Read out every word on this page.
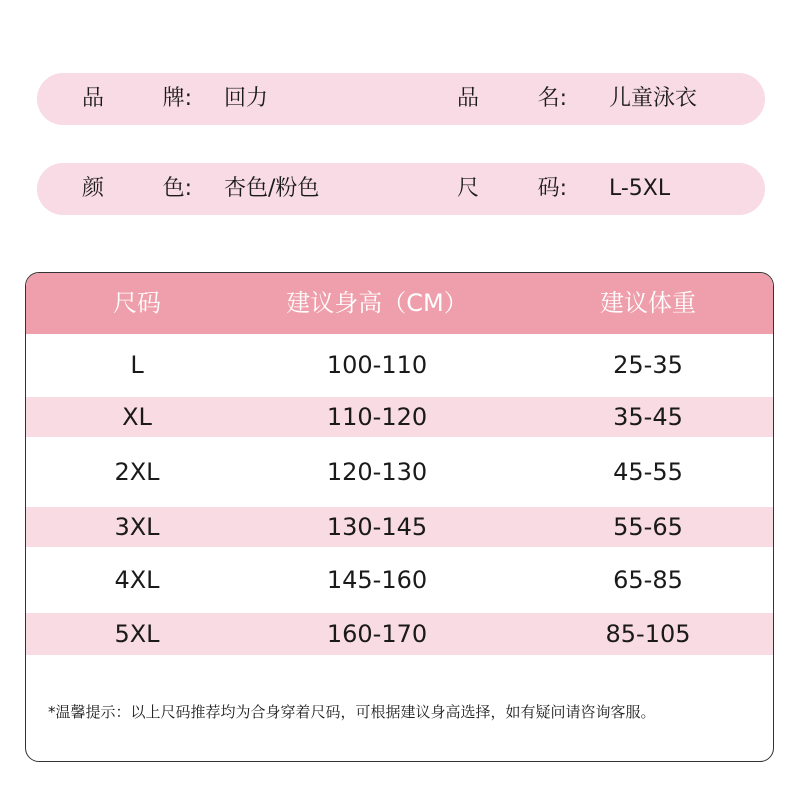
品	牌: 回力	品	名: 儿童泳衣
颜	色: 杏色/粉色	尺	码: L-5XL
尺码	建议身高（CM）	建议体重
L	100-110	25-35
XL	110-120	35-45
2XL	120-130	45-55
3XL	130-145	55-65
4XL	145-160	65-85
5XL	160-170	85-105
*温馨提示：以上尺码推荐均为合身穿着尺码，可根据建议身高选择，如有疑问请咨询客服。
